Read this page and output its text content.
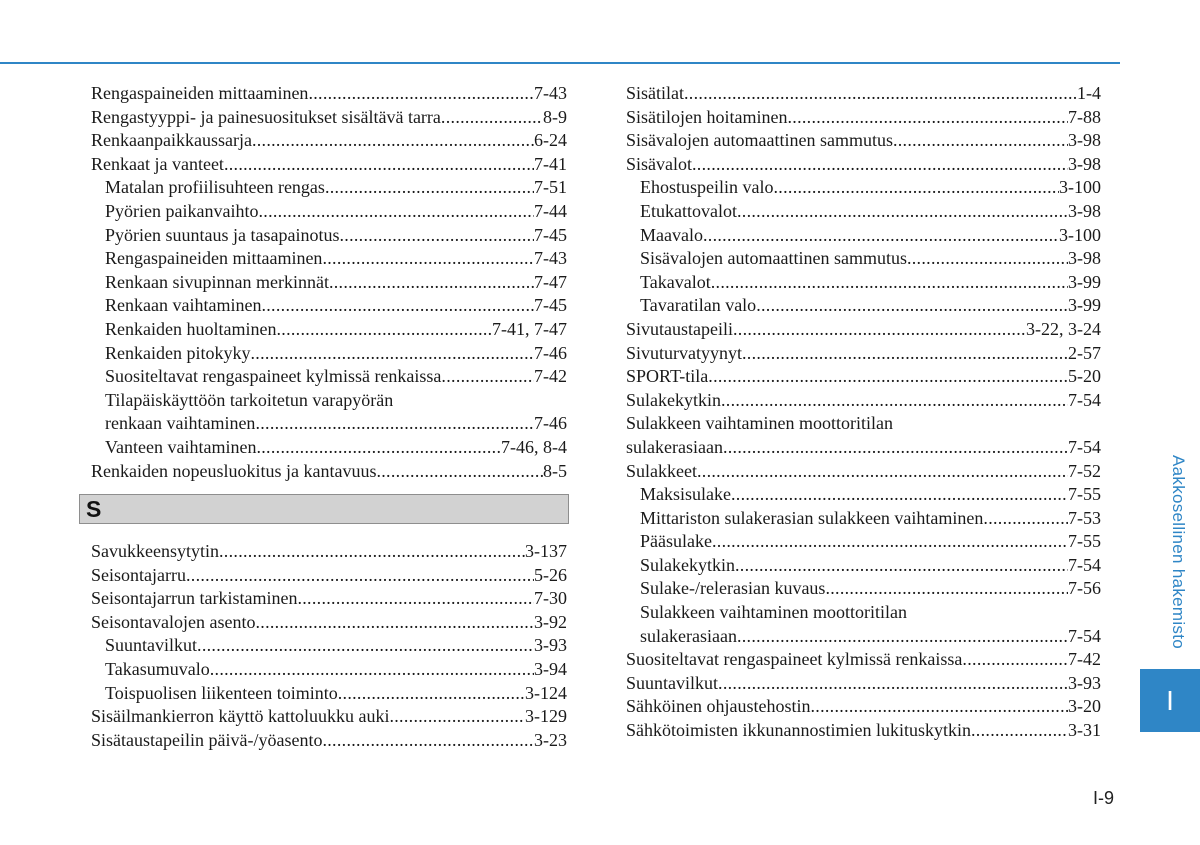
Rengaspaineiden mittaaminen .....	7-43
Rengastyyppi- ja painesuositukset sisältävä tarra .....	8-9
Renkaanpaikkaussarja .....	6-24
Renkaat ja vanteet .....	7-41
Matalan profiilisuhteen rengas .....	7-51
Pyörien paikanvaihto .....	7-44
Pyörien suuntaus ja tasapainotus .....	7-45
Rengaspaineiden mittaaminen .....	7-43
Renkaan sivupinnan merkinnät .....	7-47
Renkaan vaihtaminen .....	7-45
Renkaiden huoltaminen .....	7-41, 7-47
Renkaiden pitokyky .....	7-46
Suositeltavat rengaspaineet kylmissä renkaissa .....	7-42
Tilapäiskäyttöön tarkoitetun varapyörän
renkaan vaihtaminen .....	7-46
Vanteen vaihtaminen .....	7-46, 8-4
Renkaiden nopeusluokitus ja kantavuus .....	8-5
S
Savukkeensytytin .....	3-137
Seisontajarru .....	5-26
Seisontajarrun tarkistaminen .....	7-30
Seisontavalojen asento .....	3-92
Suuntavilkut .....	3-93
Takasumuvalo .....	3-94
Toispuolisen liikenteen toiminto .....	3-124
Sisäilmankierron käyttö kattoluukku auki .....	3-129
Sisätaustapeilin päivä-/yöasento .....	3-23
Sisätilat .....	1-4
Sisätilojen hoitaminen .....	7-88
Sisävalojen automaattinen sammutus .....	3-98
Sisävalot .....	3-98
Ehostuspeilin valo .....	3-100
Etukattovalot .....	3-98
Maavalo .....	3-100
Sisävalojen automaattinen sammutus .....	3-98
Takavalot .....	3-99
Tavaratilan valo .....	3-99
Sivutaustapeili .....	3-22, 3-24
Sivuturvatyynyt .....	2-57
SPORT-tila .....	5-20
Sulakekytkin .....	7-54
Sulakkeen vaihtaminen moottoritilan
sulakerasiaan .....	7-54
Sulakkeet .....	7-52
Maksisulake .....	7-55
Mittariston sulakerasian sulakkeen vaihtaminen .....	7-53
Pääsulake .....	7-55
Sulakekytkin .....	7-54
Sulake-/relerasian kuvaus .....	7-56
Sulakkeen vaihtaminen moottoritilan
sulakerasiaan .....	7-54
Suositeltavat rengaspaineet kylmissä renkaissa .....	7-42
Suuntavilkut .....	3-93
Sähköinen ohjaustehostin .....	3-20
Sähkötoimisten ikkunannostimien lukituskytkin .....	3-31
Aakkosellinen hakemisto
I
I-9
